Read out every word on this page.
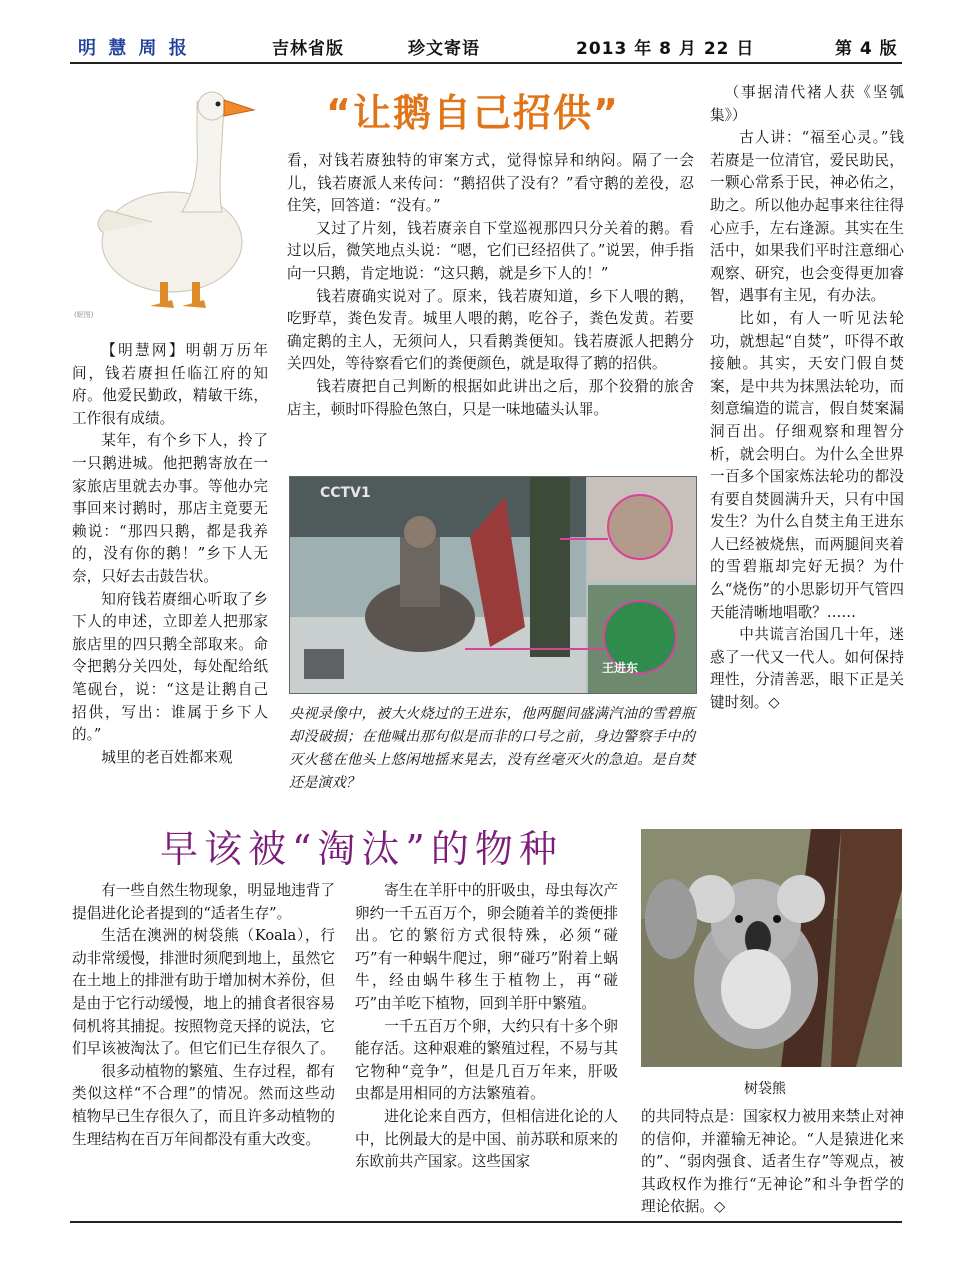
明 慧 周 报	吉林省版	珍文寄语	2013 年 8 月 22 日	第 4 版
“让鹅自己招供”
(昵图)

【明慧网】明朝万历年间，钱若赓担任临江府的知府。他爱民勤政，精敏干练，工作很有成绩。

某年，有个乡下人，拎了一只鹅进城。他把鹅寄放在一家旅店里就去办事。等他办完事回来讨鹅时，那店主竟要无赖说：“那四只鹅，都是我养的，没有你的鹅！”乡下人无奈，只好去击鼓告状。

知府钱若赓细心听取了乡下人的申述，立即差人把那家旅店里的四只鹅全部取来。命令把鹅分关四处，每处配给纸笔砚台，说：“这是让鹅自己招供，写出：谁属于乡下人的。”

城里的老百姓都来观

看，对钱若赓独特的审案方式，觉得惊异和纳闷。隔了一会儿，钱若赓派人来传问：“鹅招供了没有？”看守鹅的差役，忍住笑，回答道：“没有。”

又过了片刻，钱若赓亲自下堂巡视那四只分关着的鹅。看过以后，微笑地点头说：“嗯，它们已经招供了。”说罢，伸手指向一只鹅，肯定地说：“这只鹅，就是乡下人的！”

钱若赓确实说对了。原来，钱若赓知道，乡下人喂的鹅，吃野草，粪色发青。城里人喂的鹅，吃谷子，粪色发黄。若要确定鹅的主人，无须问人，只看鹅粪便知。钱若赓派人把鹅分关四处，等待察看它们的粪便颜色，就是取得了鹅的招供。

钱若赓把自己判断的根据如此讲出之后，那个狡猾的旅舍店主，顿时吓得脸色煞白，只是一味地磕头认罪。

CCTV1
王进东
央视录像中，被大火烧过的王进东，他两腿间盛满汽油的雪碧瓶却没破损；在他喊出那句似是而非的口号之前，身边警察手中的灭火毯在他头上悠闲地摇来晃去，没有丝毫灭火的急迫。是自焚还是演戏？

（事据清代褚人获《坚瓠集》）

古人讲：“福至心灵。”钱若赓是一位清官，爱民助民，一颗心常系于民，神必佑之，助之。所以他办起事来往往得心应手，左右逢源。其实在生活中，如果我们平时注意细心观察、研究，也会变得更加睿智，遇事有主见，有办法。

比如，有人一听见法轮功，就想起“自焚”，吓得不敢接触。其实，天安门假自焚案，是中共为抹黑法轮功，而刻意编造的谎言，假自焚案漏洞百出。仔细观察和理智分析，就会明白。为什么全世界一百多个国家炼法轮功的都没有要自焚圆满升天，只有中国发生？为什么自焚主角王进东人已经被烧焦，而两腿间夹着的雪碧瓶却完好无损？为什么“烧伤”的小思影切开气管四天能清晰地唱歌？……

中共谎言治国几十年，迷惑了一代又一代人。如何保持理性，分清善恶，眼下正是关键时刻。◇

早该被“淘汰”的物种

有一些自然生物现象，明显地违背了提倡进化论者提到的“适者生存”。

生活在澳洲的树袋熊（Koala），行动非常缓慢，排泄时须爬到地上，虽然它在土地上的排泄有助于增加树木养份，但是由于它行动缓慢，地上的捕食者很容易伺机将其捕捉。按照物竞天择的说法，它们早该被淘汰了。但它们已生存很久了。

很多动植物的繁殖、生存过程，都有类似这样“不合理”的情况。然而这些动植物早已生存很久了，而且许多动植物的生理结构在百万年间都没有重大改变。

寄生在羊肝中的肝吸虫，母虫每次产卵约一千五百万个，卵会随着羊的粪便排出。它的繁衍方式很特殊，必须“碰巧”有一种蜗牛爬过，卵“碰巧”附着上蜗牛，经由蜗牛移生于植物上，再“碰巧”由羊吃下植物，回到羊肝中繁殖。

一千五百万个卵，大约只有十多个卵能存活。这种艰难的繁殖过程，不易与其它物种“竞争”，但是几百万年来，肝吸虫都是用相同的方法繁殖着。

进化论来自西方，但相信进化论的人中，比例最大的是中国、前苏联和原来的东欧前共产国家。这些国家

树袋熊

的共同特点是：国家权力被用来禁止对神的信仰，并灌输无神论。“人是猿进化来的”、“弱肉强食、适者生存”等观点，被其政权作为推行“无神论”和斗争哲学的理论依据。◇
